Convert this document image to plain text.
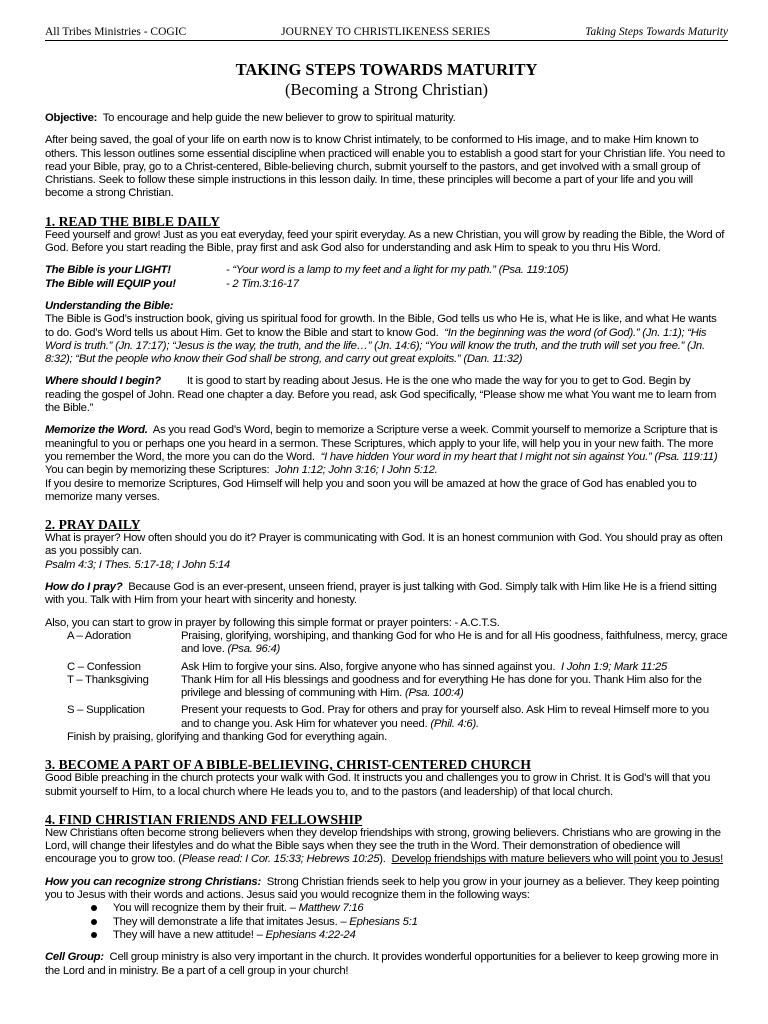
All Tribes Ministries - COGIC	JOURNEY TO CHRISTLIKENESS SERIES	Taking Steps Towards Maturity
TAKING STEPS TOWARDS MATURITY
(Becoming a Strong Christian)

Objective: To encourage and help guide the new believer to grow to spiritual maturity.

After being saved, the goal of your life on earth now is to know Christ intimately, to be conformed to His image, and to make Him known to others. This lesson outlines some essential discipline when practiced will enable you to establish a good start for your Christian life. You need to read your Bible, pray, go to a Christ-centered, Bible-believing church, submit yourself to the pastors, and get involved with a small group of Christians. Seek to follow these simple instructions in this lesson daily. In time, these principles will become a part of your life and you will become a strong Christian.

1. READ THE BIBLE DAILY

Feed yourself and grow! Just as you eat everyday, feed your spirit everyday. As a new Christian, you will grow by reading the Bible, the Word of God. Before you start reading the Bible, pray first and ask God also for understanding and ask Him to speak to you thru His Word.

The Bible is your LIGHT!	- “Your word is a lamp to my feet and a light for my path.” (Psa. 119:105)
The Bible will EQUIP you!	- 2 Tim.3:16-17

Understanding the Bible:

The Bible is God’s instruction book, giving us spiritual food for growth. In the Bible, God tells us who He is, what He is like, and what He wants to do. God’s Word tells us about Him. Get to know the Bible and start to know God. “In the beginning was the word (of God).” (Jn. 1:1); “His Word is truth.” (Jn. 17:17); “Jesus is the way, the truth, and the life…” (Jn. 14:6); “You will know the truth, and the truth will set you free.” (Jn. 8:32); “But the people who know their God shall be strong, and carry out great exploits.” (Dan. 11:32)

Where should I begin? It is good to start by reading about Jesus. He is the one who made the way for you to get to God. Begin by reading the gospel of John. Read one chapter a day. Before you read, ask God specifically, “Please show me what You want me to learn from the Bible.”

Memorize the Word. As you read God’s Word, begin to memorize a Scripture verse a week. Commit yourself to memorize a Scripture that is meaningful to you or perhaps one you heard in a sermon. These Scriptures, which apply to your life, will help you in your new faith. The more you remember the Word, the more you can do the Word. “I have hidden Your word in my heart that I might not sin against You.” (Psa. 119:11) You can begin by memorizing these Scriptures: John 1:12; John 3:16; I John 5:12.

If you desire to memorize Scriptures, God Himself will help you and soon you will be amazed at how the grace of God has enabled you to memorize many verses.

2. PRAY DAILY

What is prayer? How often should you do it? Prayer is communicating with God. It is an honest communion with God. You should pray as often as you possibly can.

Psalm 4:3; I Thes. 5:17-18; I John 5:14

How do I pray? Because God is an ever-present, unseen friend, prayer is just talking with God. Simply talk with Him like He is a friend sitting with you. Talk with Him from your heart with sincerity and honesty.

Also, you can start to grow in prayer by following this simple format or prayer pointers: - A.C.T.S.

A – Adoration	Praising, glorifying, worshiping, and thanking God for who He is and for all His goodness, faithfulness, mercy, grace and love. (Psa. 96:4)
C – Confession	Ask Him to forgive your sins. Also, forgive anyone who has sinned against you. I John 1:9; Mark 11:25
T – Thanksgiving	Thank Him for all His blessings and goodness and for everything He has done for you. Thank Him also for the privilege and blessing of communing with Him. (Psa. 100:4)
S – Supplication	Present your requests to God. Pray for others and pray for yourself also. Ask Him to reveal Himself more to you and to change you. Ask Him for whatever you need. (Phil. 4:6).

Finish by praising, glorifying and thanking God for everything again.

3. BECOME A PART OF A BIBLE-BELIEVING, CHRIST-CENTERED CHURCH

Good Bible preaching in the church protects your walk with God. It instructs you and challenges you to grow in Christ. It is God’s will that you submit yourself to Him, to a local church where He leads you to, and to the pastors (and leadership) of that local church.

4. FIND CHRISTIAN FRIENDS AND FELLOWSHIP

New Christians often become strong believers when they develop friendships with strong, growing believers. Christians who are growing in the Lord, will change their lifestyles and do what the Bible says when they see the truth in the Word. Their demonstration of obedience will encourage you to grow too. (Please read: I Cor. 15:33; Hebrews 10:25). Develop friendships with mature believers who will point you to Jesus!

How you can recognize strong Christians: Strong Christian friends seek to help you grow in your journey as a believer. They keep pointing you to Jesus with their words and actions. Jesus said you would recognize them in the following ways:

You will recognize them by their fruit. – Matthew 7:16
They will demonstrate a life that imitates Jesus. – Ephesians 5:1
They will have a new attitude! – Ephesians 4:22-24

Cell Group: Cell group ministry is also very important in the church. It provides wonderful opportunities for a believer to keep growing more in the Lord and in ministry. Be a part of a cell group in your church!
